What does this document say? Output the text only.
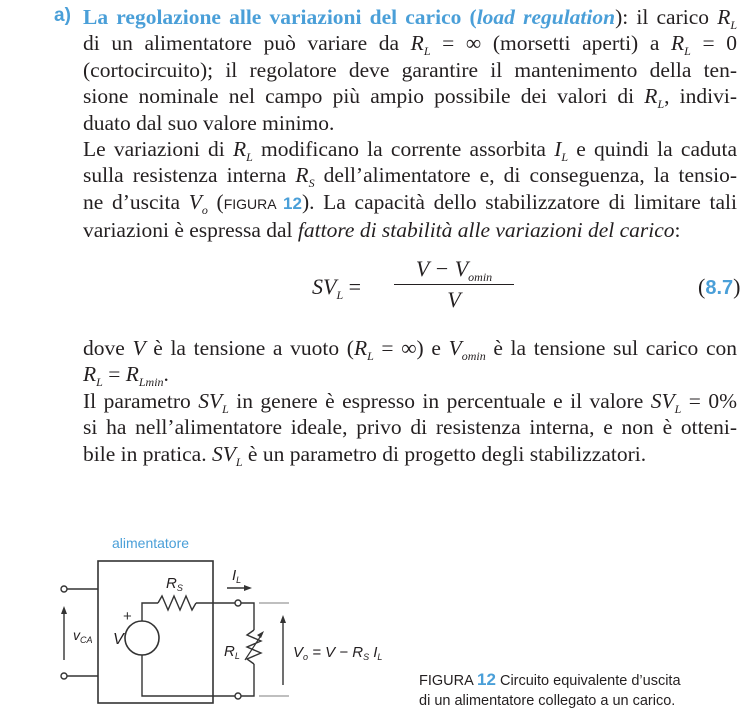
a) La regolazione alle variazioni del carico (load regulation): il carico $R_L$
di un alimentatore può variare da $R_L$ = ∞ (morsetti aperti) a $R_L = 0$
(cortocircuito); il regolatore deve garantire il mantenimento della ten-
sione nominale nel campo più ampio possibile dei valori di $R_L$, indivi-
duato dal suo valore minimo.
Le variazioni di $R_L$ modificano la corrente assorbita $I_L$ e quindi la caduta
sulla resistenza interna $R_S$ dell’alimentatore e, di conseguenza, la tensio-
ne d’uscita $V_o$ (FIGURA 12). La capacità dello stabilizzatore di limitare tali
variazioni è espressa dal fattore di stabilità alle variazioni del carico:
$SV_L$ =
$V - V_{omin}$
V
(8.7)
dove V è la tensione a vuoto ($R_L$ = ∞) e $V_{omin}$ è la tensione sul carico con
$R_L = R_{Lmin}$.
Il parametro $SV_L$ in genere è espresso in percentuale e il valore $SV_L = 0\%$
si ha nell’alimentatore ideale, privo di resistenza interna, e non è otteni-
bile in pratica. $SV_L$ è un parametro di progetto degli stabilizzatori.
alimentatore
$v_{CA}$ V
+
$R_S$
$I_L$
$R_L$	$V_o = V - R_S$ $I_L$
FIGURA 12 Circuito equivalente d’uscita
di un alimentatore collegato a un carico.
